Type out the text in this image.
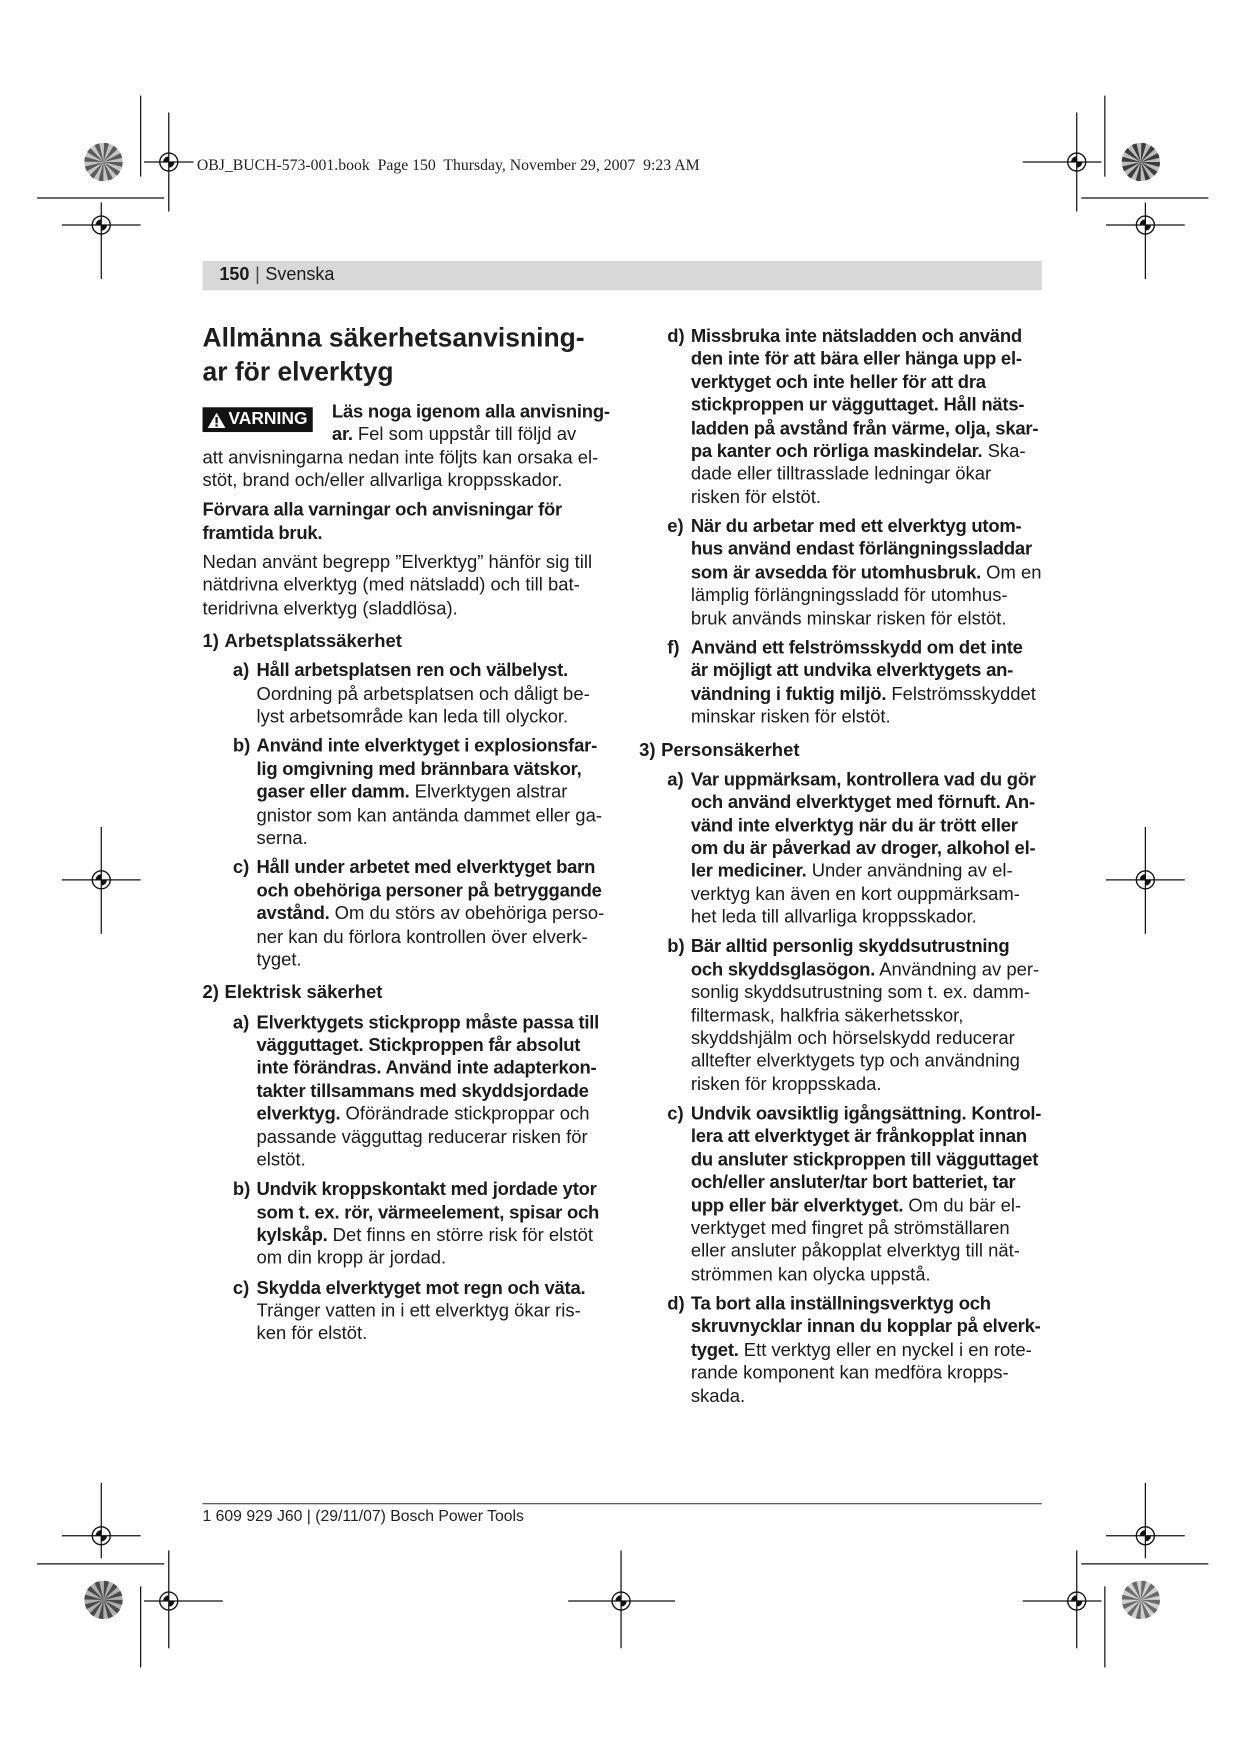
OBJ_BUCH-573-001.book  Page 150  Thursday, November 29, 2007  9:23 AM
150 | Svenska
Allmänna säkerhetsanvisning-
ar för elverktyg
VARNING	Läs noga igenom alla anvisning-
ar. Fel som uppstår till följd av
att anvisningarna nedan inte följts kan orsaka el-
stöt, brand och/eller allvarliga kroppsskador.
Förvara alla varningar och anvisningar för
framtida bruk.
Nedan använt begrepp ”Elverktyg” hänför sig till
nätdrivna elverktyg (med nätsladd) och till bat-
teridrivna elverktyg (sladdlösa).
1) Arbetsplatssäkerhet
a) Håll arbetsplatsen ren och välbelyst.
Oordning på arbetsplatsen och dåligt be-
lyst arbetsområde kan leda till olyckor.
b) Använd inte elverktyget i explosionsfar-
lig omgivning med brännbara vätskor,
gaser eller damm. Elverktygen alstrar
gnistor som kan antända dammet eller ga-
serna.
c) Håll under arbetet med elverktyget barn
och obehöriga personer på betryggande
avstånd. Om du störs av obehöriga perso-
ner kan du förlora kontrollen över elverk-
tyget.
2) Elektrisk säkerhet
a) Elverktygets stickpropp måste passa till
vägguttaget. Stickproppen får absolut
inte förändras. Använd inte adapterkon-
takter tillsammans med skyddsjordade
elverktyg. Oförändrade stickproppar och
passande vägguttag reducerar risken för
elstöt.
b) Undvik kroppskontakt med jordade ytor
som t. ex. rör, värmeelement, spisar och
kylskåp. Det finns en större risk för elstöt
om din kropp är jordad.
c) Skydda elverktyget mot regn och väta.
Tränger vatten in i ett elverktyg ökar ris-
ken för elstöt.
d) Missbruka inte nätsladden och använd
den inte för att bära eller hänga upp el-
verktyget och inte heller för att dra
stickproppen ur vägguttaget. Håll näts-
ladden på avstånd från värme, olja, skar-
pa kanter och rörliga maskindelar. Ska-
dade eller tilltrasslade ledningar ökar
risken för elstöt.
e) När du arbetar med ett elverktyg utom-
hus använd endast förlängningssladdar
som är avsedda för utomhusbruk. Om en
lämplig förlängningssladd för utomhus-
bruk används minskar risken för elstöt.
f) Använd ett felströmsskydd om det inte
är möjligt att undvika elverktygets an-
vändning i fuktig miljö. Felströmsskyddet
minskar risken för elstöt.
3) Personsäkerhet
a) Var uppmärksam, kontrollera vad du gör
och använd elverktyget med förnuft. An-
vänd inte elverktyg när du är trött eller
om du är påverkad av droger, alkohol el-
ler mediciner. Under användning av el-
verktyg kan även en kort ouppmärksam-
het leda till allvarliga kroppsskador.
b) Bär alltid personlig skyddsutrustning
och skyddsglasögon. Användning av per-
sonlig skyddsutrustning som t. ex. damm-
filtermask, halkfria säkerhetsskor,
skyddshjälm och hörselskydd reducerar
alltefter elverktygets typ och användning
risken för kroppsskada.
c) Undvik oavsiktlig igångsättning. Kontrol-
lera att elverktyget är frånkopplat innan
du ansluter stickproppen till vägguttaget
och/eller ansluter/tar bort batteriet, tar
upp eller bär elverktyget. Om du bär el-
verktyget med fingret på strömställaren
eller ansluter påkopplat elverktyg till nät-
strömmen kan olycka uppstå.
d) Ta bort alla inställningsverktyg och
skruvnycklar innan du kopplar på elverk-
tyget. Ett verktyg eller en nyckel i en rote-
rande komponent kan medföra kropps-
skada.
1 609 929 J60 | (29/11/07) Bosch Power Tools
